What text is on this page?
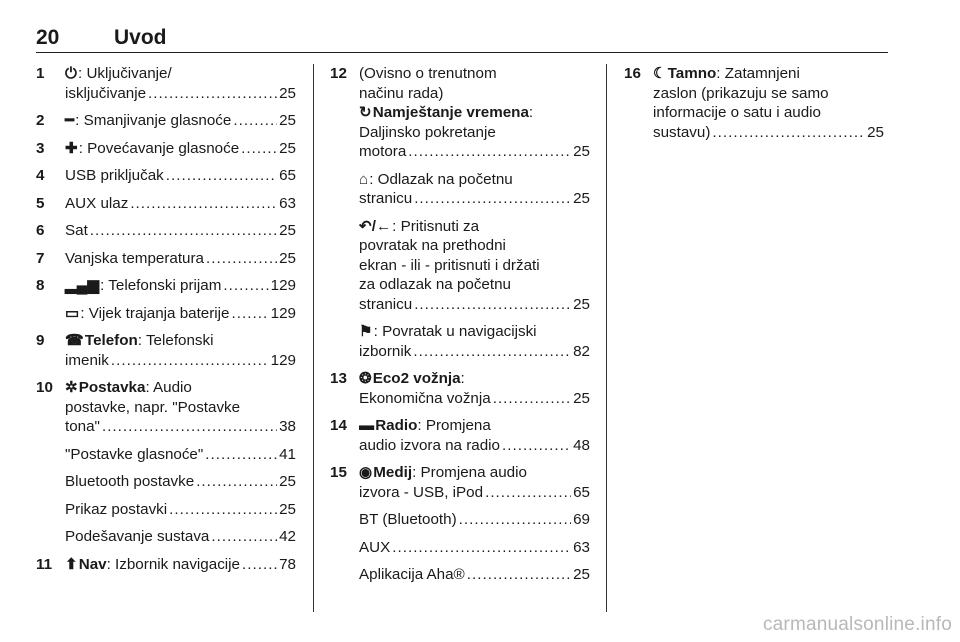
20	Uvod
1 ⏻: Uključivanje/
isključivanje . . .	25
2 ━: Smanjivanje glasnoće . . .	25
3 ✚: Povećavanje glasnoće . . .	25
4 USB priključak . . .	65
5 AUX ulaz . . .	63
6 Sat . . .	25
7 Vanjska temperatura . . .	25
8 ▂▄▆: Telefonski prijam . . .	129
▭: Vijek trajanja baterije . . .	129
9 ☎Telefon: Telefonski
imenik . . .	129
10 ✲Postavka: Audio
postavke, napr. "Postavke
tona" . . .	38
"Postavke glasnoće" . . .	41
Bluetooth postavke . . .	25
Prikaz postavki . . .	25
Podešavanje sustava . . .	42
11 ⬆Nav: Izbornik navigacije . . .	78
12 (Ovisno o trenutnom
načinu rada)
↻Namještanje vremena:
Daljinsko pokretanje
motora . . .	25
⌂: Odlazak na početnu
stranicu . . .	25
↶/←: Pritisnuti za
povratak na prethodni
ekran - ili - pritisnuti i držati
za odlazak na početnu
stranicu . . .	25
⚑: Povratak u navigacijski
izbornik . . .	82
13 ❂Eco2 vožnja:
Ekonomična vožnja . . .	25
14 ▬Radio: Promjena
audio izvora na radio . . .	48
15 ◉Medij: Promjena audio
izvora - USB, iPod . . .	65
BT (Bluetooth) . . .	69
AUX . . .	63
Aplikacija Aha® . . .	25
16 ☾Tamno: Zatamnjeni
zaslon (prikazuju se samo
informacije o satu i audio
sustavu) . . .	25
carmanualsonline.info
